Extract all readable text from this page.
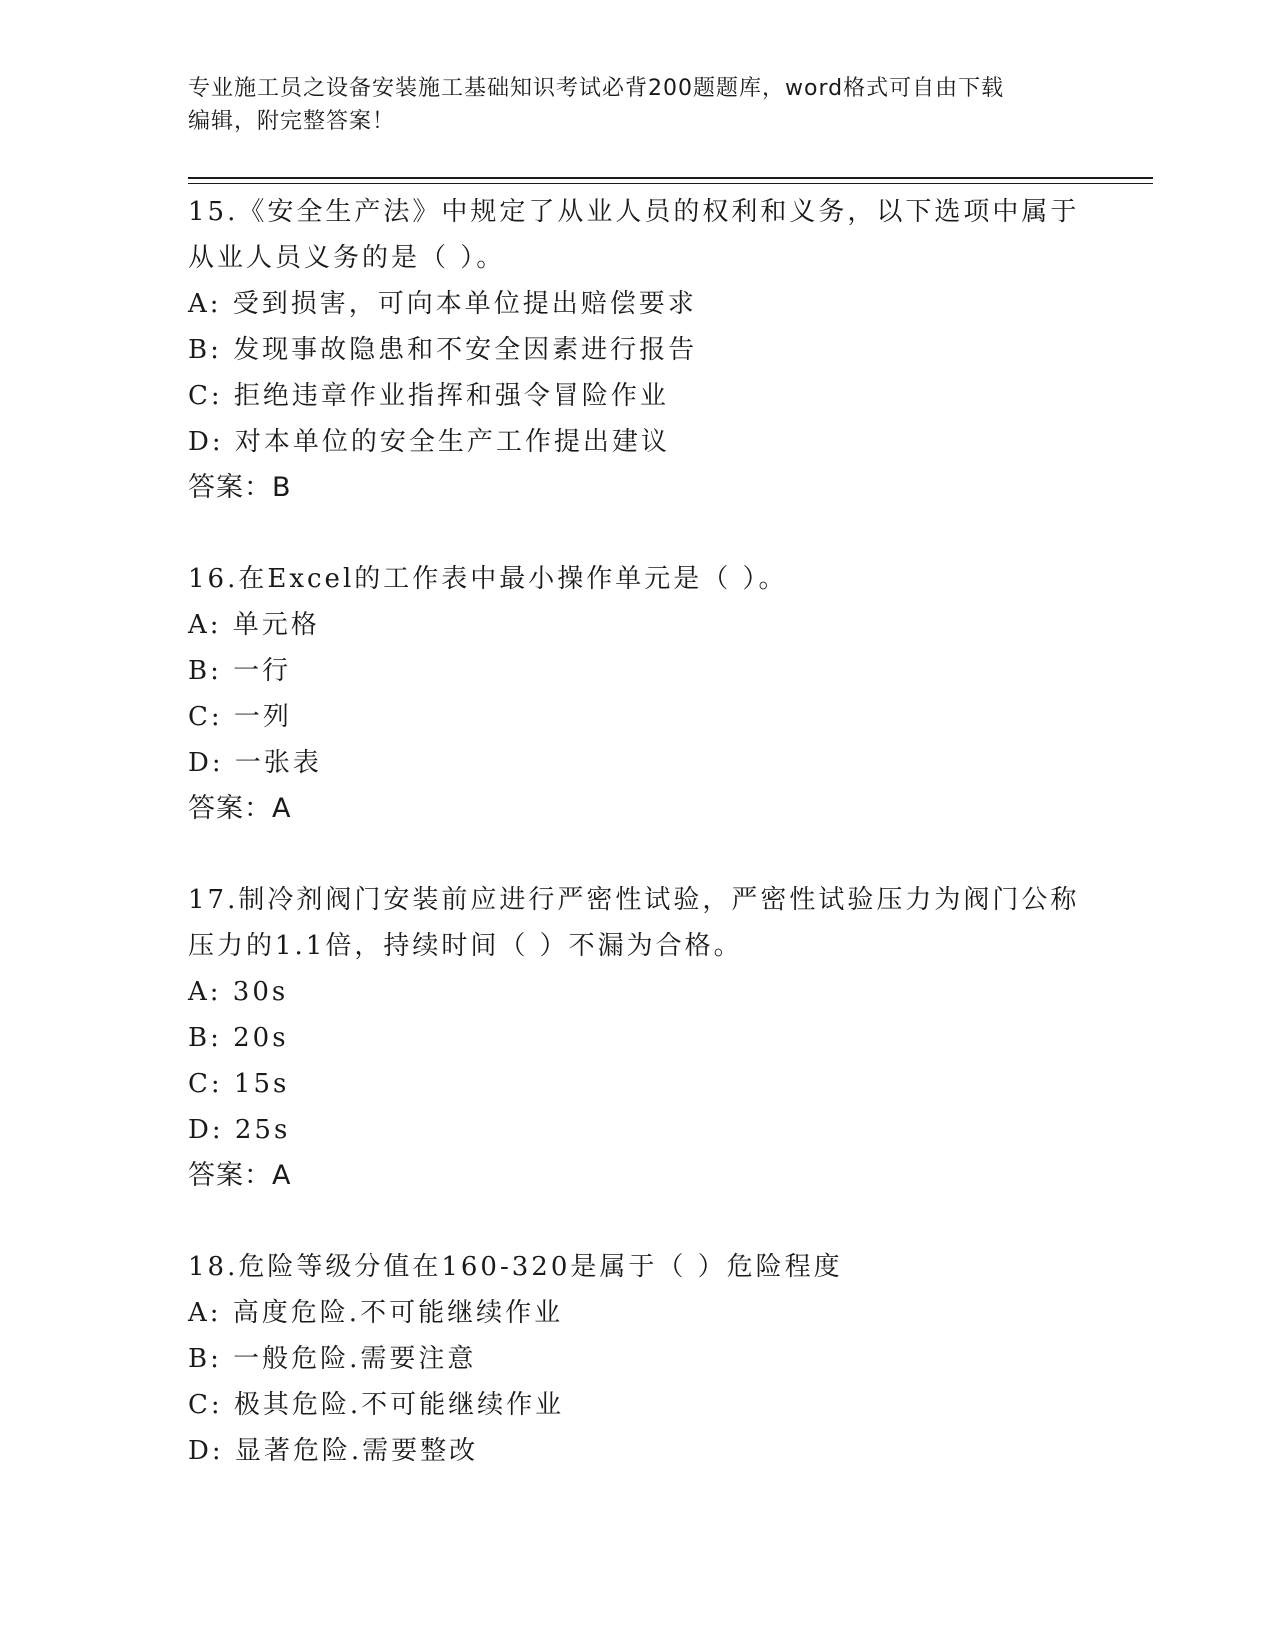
专业施工员之设备安装施工基础知识考试必背200题题库，word格式可自由下载
编辑，附完整答案！
15.《安全生产法》中规定了从业人员的权利和义务，以下选项中属于
从业人员义务的是（ ）。
A: 受到损害，可向本单位提出赔偿要求
B: 发现事故隐患和不安全因素进行报告
C: 拒绝违章作业指挥和强令冒险作业
D: 对本单位的安全生产工作提出建议
答案：B
16.在Excel的工作表中最小操作单元是（ ）。
A: 单元格
B: 一行
C: 一列
D: 一张表
答案：A
17.制冷剂阀门安装前应进行严密性试验，严密性试验压力为阀门公称
压力的1.1倍，持续时间（ ）不漏为合格。
A: 30s
B: 20s
C: 15s
D: 25s
答案：A
18.危险等级分值在160-320是属于（ ）危险程度
A: 高度危险.不可能继续作业
B: 一般危险.需要注意
C: 极其危险.不可能继续作业
D: 显著危险.需要整改
